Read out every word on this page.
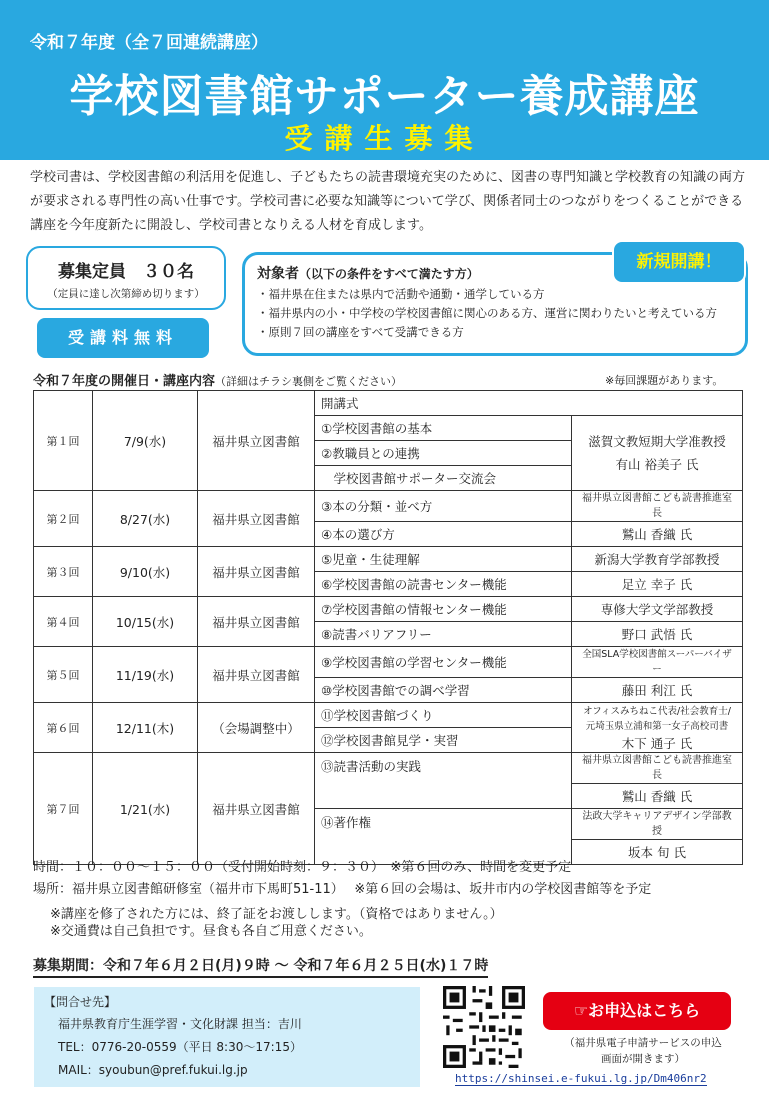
令和７年度（全７回連続講座）
学校図書館サポーター養成講座
受講生募集
学校司書は、学校図書館の利活用を促進し、子どもたちの読書環境充実のために、図書の専門知識と学校教育の知識の両方が要求される専門性の高い仕事です。学校司書に必要な知識等について学び、関係者同士のつながりをつくることができる講座を今年度新たに開設し、学校司書となりえる人材を育成します。
募集定員　３０名
（定員に達し次第締め切ります）
受講料無料
対象者（以下の条件をすべて満たす方）
・福井県在住または県内で活動や通勤・通学している方
・福井県内の小・中学校の学校図書館に関心のある方、運営に関わりたいと考えている方
・原則７回の講座をすべて受講できる方
新規開講！
令和７年度の開催日・講座内容（詳細はチラシ裏側をご覧ください）	※毎回課題があります。
第１回	7/9(水)	福井県立図書館	開講式	
			①学校図書館の基本	滋賀文教短期大学准教授
有山 裕美子 氏

			②教職員との連携	
			　学校図書館サポーター交流会	
第２回	8/27(水)	福井県立図書館	③本の分類・並べ方	福井県立図書館こども読書推進室長
			④本の選び方	鷲山 香織 氏
第３回	9/10(水)	福井県立図書館	⑤児童・生徒理解	新潟大学教育学部教授
			⑥学校図書館の読書センター機能	足立 幸子 氏
第４回	10/15(水)	福井県立図書館	⑦学校図書館の情報センター機能	専修大学文学部教授
			⑧読書バリアフリー	野口 武悟 氏
第５回	11/19(水)	福井県立図書館	⑨学校図書館の学習センター機能	全国SLA学校図書館スーパーバイザー
			⑩学校図書館での調べ学習	藤田 利江 氏
第６回	12/11(木)	（会場調整中）	⑪学校図書館づくり	オフィスみちねこ代表/社会教育士/
元埼玉県立浦和第一女子高校司書
木下 通子 氏

			⑫学校図書館見学・実習	
第７回	1/21(水)	福井県立図書館	⑬読書活動の実践	福井県立図書館こども読書推進室長
				鷲山 香織 氏
			⑭著作権	法政大学キャリアデザイン学部教授
				坂本 旬 氏
時間：１０：００～１５：００（受付開始時刻：９：３０）　※第６回のみ、時間を変更予定
場所：福井県立図書館研修室（福井市下馬町51-11）　 ※第６回の会場は、坂井市内の学校図書館等を予定
※講座を修了された方には、終了証をお渡しします。（資格ではありません。）
※交通費は自己負担です。昼食も各自ご用意ください。
募集期間：令和７年６月２日(月)９時 ～ 令和７年６月２５日(水)１７時
【問合せ先】
福井県教育庁生涯学習・文化財課 担当：吉川
TEL：0776-20-0559（平日 8:30～17:15）
MAIL：syoubun@pref.fukui.lg.jp
☞お申込はこちら
（福井県電子申請サービスの申込
画面が開きます）
https://shinsei.e-fukui.lg.jp/Dm406nr2
